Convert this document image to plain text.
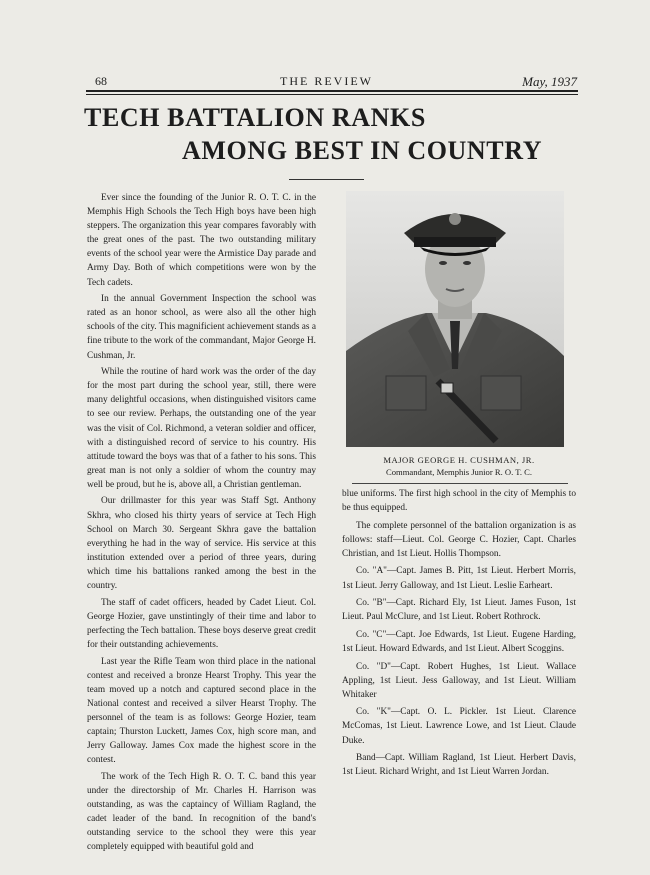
68	THE REVIEW	May, 1937
TECH BATTALION RANKS
AMONG BEST IN COUNTRY

Ever since the founding of the Junior R. O. T. C. in the Memphis High Schools the Tech High boys have been high steppers. The organization this year compares favorably with the great ones of the past. The two outstanding military events of the school year were the Armistice Day parade and Army Day. Both of which competitions were won by the Tech cadets.

In the annual Government Inspection the school was rated as an honor school, as were also all the other high schools of the city. This magnificient achievement stands as a fine tribute to the work of the commandant, Major George H. Cushman, Jr.

While the routine of hard work was the order of the day for the most part during the school year, still, there were many delightful occasions, when distinguished visitors came to see our review. Perhaps, the outstanding one of the year was the visit of Col. Richmond, a veteran soldier and officer, with a distinguished record of service to his country. His attitude toward the boys was that of a father to his sons. This great man is not only a soldier of whom the country may well be proud, but he is, above all, a Christian gentleman.

Our drillmaster for this year was Staff Sgt. Anthony Skhra, who closed his thirty years of service at Tech High School on March 30. Sergeant Skhra gave the battalion everything he had in the way of service. His service at this institution extended over a period of three years, during which time his battalions ranked among the best in the country.

The staff of cadet officers, headed by Cadet Lieut. Col. George Hozier, gave unstintingly of their time and labor to perfecting the Tech battalion. These boys deserve great credit for their outstanding achievements.

Last year the Rifle Team won third place in the national contest and received a bronze Hearst Trophy. This year the team moved up a notch and captured second place in the National contest and received a silver Hearst Trophy. The personnel of the team is as follows: George Hozier, team captain; Thurston Luckett, James Cox, high score man, and Jerry Galloway. James Cox made the highest score in the contest.

The work of the Tech High R. O. T. C. band this year under the directorship of Mr. Charles H. Harrison was outstanding, as was the captaincy of William Ragland, the cadet leader of the band. In recognition of the band's outstanding service to the school they were this year completely equipped with beautiful gold and

MAJOR GEORGE H. CUSHMAN, JR.
Commandant, Memphis Junior R. O. T. C.

blue uniforms. The first high school in the city of Memphis to be thus equipped.

The complete personnel of the battalion organization is as follows: staff—Lieut. Col. George C. Hozier, Capt. Charles Christian, and 1st Lieut. Hollis Thompson.

Co. "A"—Capt. James B. Pitt, 1st Lieut. Herbert Morris, 1st Lieut. Jerry Galloway, and 1st Lieut. Leslie Earheart.

Co. "B"—Capt. Richard Ely, 1st Lieut. James Fuson, 1st Lieut. Paul McClure, and 1st Lieut. Robert Rothrock.

Co. "C"—Capt. Joe Edwards, 1st Lieut. Eugene Harding, 1st Lieut. Howard Edwards, and 1st Lieut. Albert Scoggins.

Co. "D"—Capt. Robert Hughes, 1st Lieut. Wallace Appling, 1st Lieut. Jess Galloway, and 1st Lieut. William Whitaker

Co. "K"—Capt. O. L. Pickler. 1st Lieut. Clarence McComas, 1st Lieut. Lawrence Lowe, and 1st Lieut. Claude Duke.

Band—Capt. William Ragland, 1st Lieut. Herbert Davis, 1st Lieut. Richard Wright, and 1st Lieut Warren Jordan.
